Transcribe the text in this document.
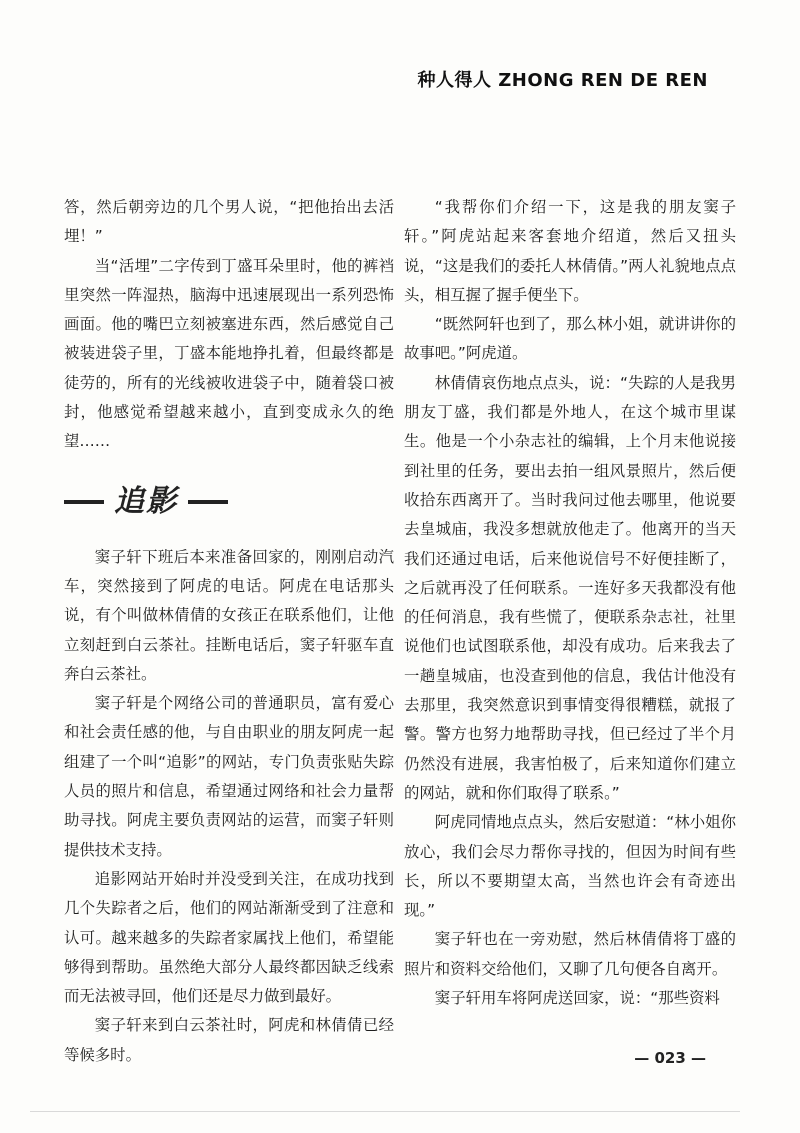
种人得人 ZHONG REN DE REN

答，然后朝旁边的几个男人说，“把他抬出去活埋！”

当“活埋”二字传到丁盛耳朵里时，他的裤裆里突然一阵湿热，脑海中迅速展现出一系列恐怖画面。他的嘴巴立刻被塞进东西，然后感觉自己被装进袋子里，丁盛本能地挣扎着，但最终都是徒劳的，所有的光线被收进袋子中，随着袋口被封，他感觉希望越来越小，直到变成永久的绝望……

追影

窦子轩下班后本来准备回家的，刚刚启动汽车，突然接到了阿虎的电话。阿虎在电话那头说，有个叫做林倩倩的女孩正在联系他们，让他立刻赶到白云茶社。挂断电话后，窦子轩驱车直奔白云茶社。

窦子轩是个网络公司的普通职员，富有爱心和社会责任感的他，与自由职业的朋友阿虎一起组建了一个叫“追影”的网站，专门负责张贴失踪人员的照片和信息，希望通过网络和社会力量帮助寻找。阿虎主要负责网站的运营，而窦子轩则提供技术支持。

追影网站开始时并没受到关注，在成功找到几个失踪者之后，他们的网站渐渐受到了注意和认可。越来越多的失踪者家属找上他们，希望能够得到帮助。虽然绝大部分人最终都因缺乏线索而无法被寻回，他们还是尽力做到最好。

窦子轩来到白云茶社时，阿虎和林倩倩已经等候多时。

“我帮你们介绍一下，这是我的朋友窦子轩。”阿虎站起来客套地介绍道，然后又扭头说，“这是我们的委托人林倩倩。”两人礼貌地点点头，相互握了握手便坐下。

“既然阿轩也到了，那么林小姐，就讲讲你的故事吧。”阿虎道。

林倩倩哀伤地点点头，说：“失踪的人是我男朋友丁盛，我们都是外地人，在这个城市里谋生。他是一个小杂志社的编辑，上个月末他说接到社里的任务，要出去拍一组风景照片，然后便收拾东西离开了。当时我问过他去哪里，他说要去皇城庙，我没多想就放他走了。他离开的当天我们还通过电话，后来他说信号不好便挂断了，之后就再没了任何联系。一连好多天我都没有他的任何消息，我有些慌了，便联系杂志社，社里说他们也试图联系他，却没有成功。后来我去了一趟皇城庙，也没查到他的信息，我估计他没有去那里，我突然意识到事情变得很糟糕，就报了警。警方也努力地帮助寻找，但已经过了半个月仍然没有进展，我害怕极了，后来知道你们建立的网站，就和你们取得了联系。”

阿虎同情地点点头，然后安慰道：“林小姐你放心，我们会尽力帮你寻找的，但因为时间有些长，所以不要期望太高，当然也许会有奇迹出现。”

窦子轩也在一旁劝慰，然后林倩倩将丁盛的照片和资料交给他们，又聊了几句便各自离开。

窦子轩用车将阿虎送回家，说：“那些资料

— 023 —
